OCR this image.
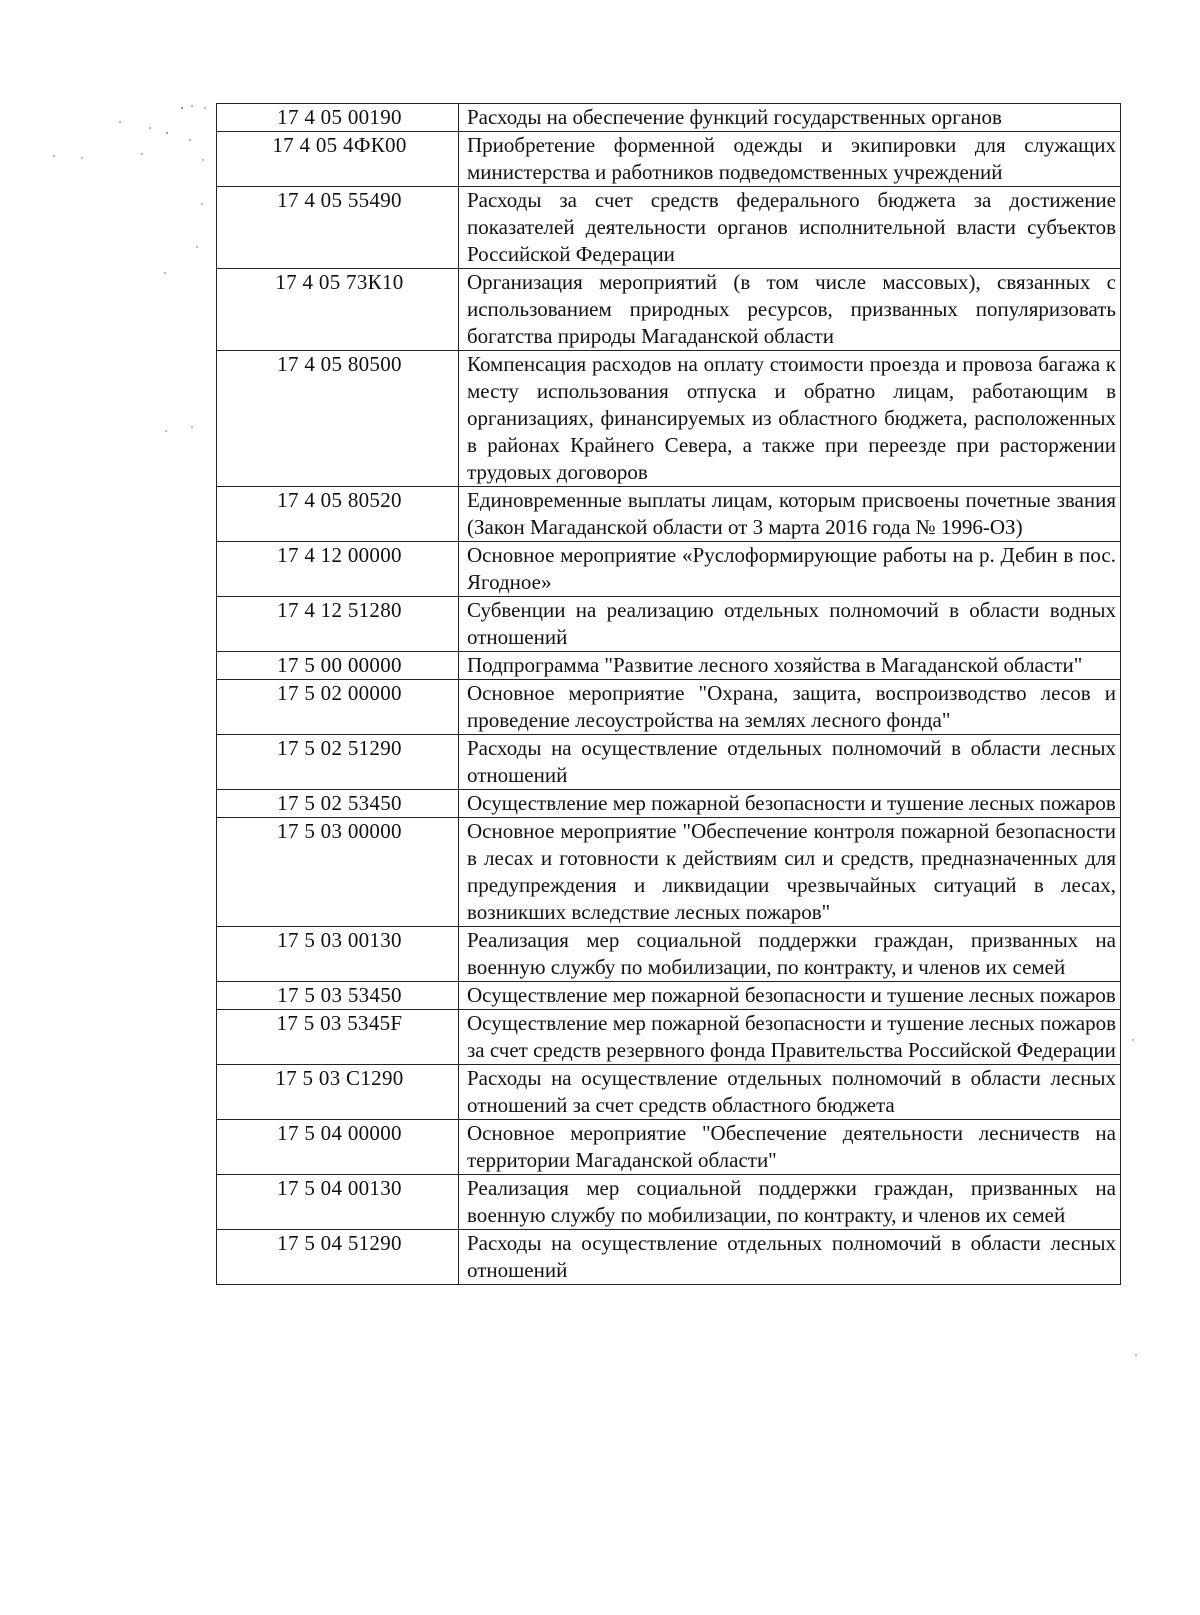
17 4 05 00190	Расходы на обеспечение функций государственных органов
17 4 05 4ФК00	Приобретение форменной одежды и экипировки для служащих министерства и работников подведомственных учреждений
17 4 05 55490	Расходы за счет средств федерального бюджета за достижение показателей деятельности органов исполнительной власти субъектов Российской Федерации
17 4 05 73К10	Организация мероприятий (в том числе массовых), связанных с использованием природных ресурсов, призванных популяризовать богатства природы Магаданской области
17 4 05 80500	Компенсация расходов на оплату стоимости проезда и провоза багажа к месту использования отпуска и обратно лицам, работающим в организациях, финансируемых из областного бюджета, расположенных в районах Крайнего Севера, а также при переезде при расторжении трудовых договоров
17 4 05 80520	Единовременные выплаты лицам, которым присвоены почетные звания (Закон Магаданской области от 3 марта 2016 года № 1996-ОЗ)
17 4 12 00000	Основное мероприятие «Руслоформирующие работы на р. Дебин в пос. Ягодное»
17 4 12 51280	Субвенции на реализацию отдельных полномочий в области водных отношений
17 5 00 00000	Подпрограмма "Развитие лесного хозяйства в Магаданской области"
17 5 02 00000	Основное мероприятие "Охрана, защита, воспроизводство лесов и проведение лесоустройства на землях лесного фонда"
17 5 02 51290	Расходы на осуществление отдельных полномочий в области лесных отношений
17 5 02 53450	Осуществление мер пожарной безопасности и тушение лесных пожаров
17 5 03 00000	Основное мероприятие "Обеспечение контроля пожарной безопасности в лесах и готовности к действиям сил и средств, предназначенных для предупреждения и ликвидации чрезвычайных ситуаций в лесах, возникших вследствие лесных пожаров"
17 5 03 00130	Реализация мер социальной поддержки граждан, призванных на военную службу по мобилизации, по контракту, и членов их семей
17 5 03 53450	Осуществление мер пожарной безопасности и тушение лесных пожаров
17 5 03 5345F	Осуществление мер пожарной безопасности и тушение лесных пожаров за счет средств резервного фонда Правительства Российской Федерации
17 5 03 С1290	Расходы на осуществление отдельных полномочий в области лесных отношений за счет средств областного бюджета
17 5 04 00000	Основное мероприятие "Обеспечение деятельности лесничеств на территории Магаданской области"
17 5 04 00130	Реализация мер социальной поддержки граждан, призванных на военную службу по мобилизации, по контракту, и членов их семей
17 5 04 51290	Расходы на осуществление отдельных полномочий в области лесных отношений
